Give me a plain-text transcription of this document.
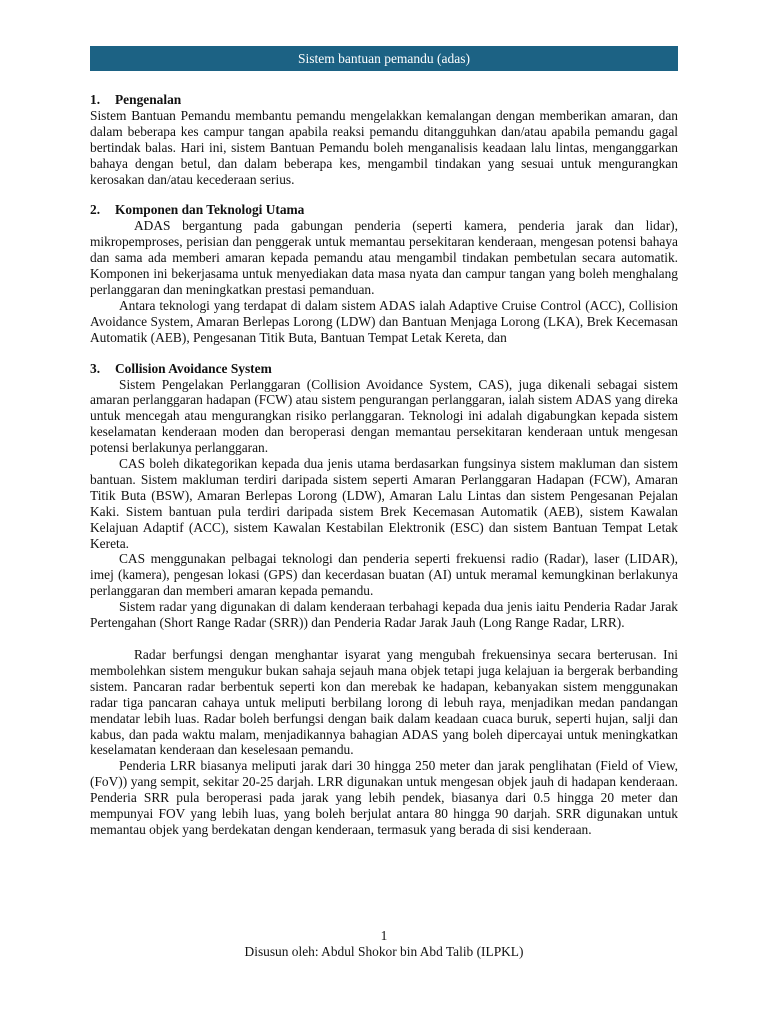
Sistem bantuan pemandu (adas)
1. Pengenalan

Sistem Bantuan Pemandu membantu pemandu mengelakkan kemalangan dengan memberikan amaran, dan dalam beberapa kes campur tangan apabila reaksi pemandu ditangguhkan dan/atau apabila pemandu gagal bertindak balas. Hari ini, sistem Bantuan Pemandu boleh menganalisis keadaan lalu lintas, menganggarkan bahaya dengan betul, dan dalam beberapa kes, mengambil tindakan yang sesuai untuk mengurangkan kerosakan dan/atau kecederaan serius.

2. Komponen dan Teknologi Utama

ADAS bergantung pada gabungan penderia (seperti kamera, penderia jarak dan lidar), mikropemproses, perisian dan penggerak untuk memantau persekitaran kenderaan, mengesan potensi bahaya dan sama ada memberi amaran kepada pemandu atau mengambil tindakan pembetulan secara automatik. Komponen ini bekerjasama untuk menyediakan data masa nyata dan campur tangan yang boleh menghalang perlanggaran dan meningkatkan prestasi pemanduan.

Antara teknologi yang terdapat di dalam sistem ADAS ialah Adaptive Cruise Control (ACC), Collision Avoidance System, Amaran Berlepas Lorong (LDW) dan Bantuan Menjaga Lorong (LKA), Brek Kecemasan Automatik (AEB), Pengesanan Titik Buta, Bantuan Tempat Letak Kereta, dan

3. Collision Avoidance System

Sistem Pengelakan Perlanggaran (Collision Avoidance System, CAS), juga dikenali sebagai sistem amaran perlanggaran hadapan (FCW) atau sistem pengurangan perlanggaran, ialah sistem ADAS yang direka untuk mencegah atau mengurangkan risiko perlanggaran. Teknologi ini adalah digabungkan kepada sistem keselamatan kenderaan moden dan beroperasi dengan memantau persekitaran kenderaan untuk mengesan potensi berlakunya perlanggaran.

CAS boleh dikategorikan kepada dua jenis utama berdasarkan fungsinya sistem makluman dan sistem bantuan. Sistem makluman terdiri daripada sistem seperti Amaran Perlanggaran Hadapan (FCW), Amaran Titik Buta (BSW), Amaran Berlepas Lorong (LDW), Amaran Lalu Lintas dan sistem Pengesanan Pejalan Kaki. Sistem bantuan pula terdiri daripada sistem Brek Kecemasan Automatik (AEB), sistem Kawalan Kelajuan Adaptif (ACC), sistem Kawalan Kestabilan Elektronik (ESC) dan sistem Bantuan Tempat Letak Kereta.

CAS menggunakan pelbagai teknologi dan penderia seperti frekuensi radio (Radar), laser (LIDAR), imej (kamera), pengesan lokasi (GPS) dan kecerdasan buatan (AI) untuk meramal kemungkinan berlakunya perlanggaran dan memberi amaran kepada pemandu.

Sistem radar yang digunakan di dalam kenderaan terbahagi kepada dua jenis iaitu Penderia Radar Jarak Pertengahan (Short Range Radar (SRR)) dan Penderia Radar Jarak Jauh (Long Range Radar, LRR).

Radar berfungsi dengan menghantar isyarat yang mengubah frekuensinya secara berterusan. Ini membolehkan sistem mengukur bukan sahaja sejauh mana objek tetapi juga kelajuan ia bergerak berbanding sistem. Pancaran radar berbentuk seperti kon dan merebak ke hadapan, kebanyakan sistem menggunakan radar tiga pancaran cahaya untuk meliputi berbilang lorong di lebuh raya, menjadikan medan pandangan mendatar lebih luas. Radar boleh berfungsi dengan baik dalam keadaan cuaca buruk, seperti hujan, salji dan kabus, dan pada waktu malam, menjadikannya bahagian ADAS yang boleh dipercayai untuk meningkatkan keselamatan kenderaan dan keselesaan pemandu.

Penderia LRR biasanya meliputi jarak dari 30 hingga 250 meter dan jarak penglihatan (Field of View, (FoV)) yang sempit, sekitar 20-25 darjah. LRR digunakan untuk mengesan objek jauh di hadapan kenderaan. Penderia SRR pula beroperasi pada jarak yang lebih pendek, biasanya dari 0.5 hingga 20 meter dan mempunyai FOV yang lebih luas, yang boleh berjulat antara 80 hingga 90 darjah. SRR digunakan untuk memantau objek yang berdekatan dengan kenderaan, termasuk yang berada di sisi kenderaan.

1
Disusun oleh: Abdul Shokor bin Abd Talib (ILPKL)
